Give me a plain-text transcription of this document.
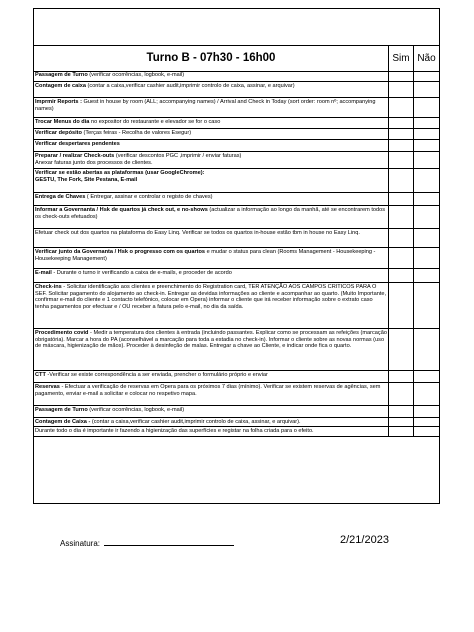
Turno B - 07h30 - 16h00	Sim Não
Passagem de Turno (verificar ocorrências, logbook, e-mail)
Contagem de caixa (contar a caixa,verificar cashier audit,imprimir controlo de caixa, assinar, e arquivar)
Imprmir Reports : Guest in house by room (ALL; accompanying names) / Arrival and Check in Today (sort order: room nº; accompanying names)
Trocar Menus do dia no expositor do restaurante e elevador se for o caso
Verificar depósito (Terças feiras - Recolha de valores Esegur)
Verificar despertares pendentes
Preparar / realizar Check-outs (verificar descontos PGC ,imprimir / enviar faturas)
Anexar faturas junto dos processos de clientes.
Verificar se estão abertas as plataformas (usar GoogleChrome):
GESTU, The Fork, Site Pestana, E-mail
Entrega de Chaves ( Entregar, assinar e controlar o registo de chaves)
Informar a Governanta / Hsk de quartos já check out, e no-shows (actualizar a informação ao longo da manhã, até se encontrarem todos os check-outs efetuados)
Efetuar check out dos quartos na plataforma do Easy Linq. Verificar se todos os quartos in-house estão tbm in house no Easy Linq.
Verificar junto da Governanta / Hsk o progresso com os quartos e mudar o status para clean (Rooms Management - Housekeeping - Housekeeping Management)
E-mail - Durante o turno ir verificando a caixa de e-mails, e proceder de acordo
Check-ins - Solicitar identificação aos clientes e preenchimento do Registration card, TER ATENÇÃO AOS CAMPOS CRITICOS PARA O SEF. Solicitar pagamento do alojamento ao check-in. Entregar as devidas informações ao cliente e acompanhar ao quarto. (Muito Importante, confirmar e-mail do cliente e 1 contacto telefónico, colocar em Opera) informar o cliente que irá receber informação sobre o extrato caso tenha pagamentos por efectuar e / OU receber a fatura pelo e-mail, no dia da saída.
Procedimento covid - Medir a temperatura dos clientes à entrada (incluindo passantes. Explicar como se processam as refeições (marcação obrigatória). Marcar a hora do PA (aconselhável a marcação para toda a estadia no check-in). Informar o cliente sobre as novas normas (uso de máscara, higienização de mãos). Proceder à desinfeção de malas. Entregar a chave ao Cliente, e indicar onde fica o quarto.
CTT -Verificar se existe correspondência a ser enviada, prencher o formulário próprio e enviar
Reservas - Efectuar a verificação de reservas em Opera para os próximos 7 dias (mínimo). Verificar se existem reservas de agências, sem pagamento, enviar e-mail a solicitar e colocar no respetivo mapa.
Passagem de Turno (verificar ocorrências, logbook, e-mail)
Contagem de Caixa - (contar a caixa,verificar cashier audit,imprimir controlo de caixa, assinar, e arquivar).
Durante todo o dia é importante ir fazendo a higienização das superfícies e registar na folha criada para o efeito.
Assinatura:	2/21/2023
